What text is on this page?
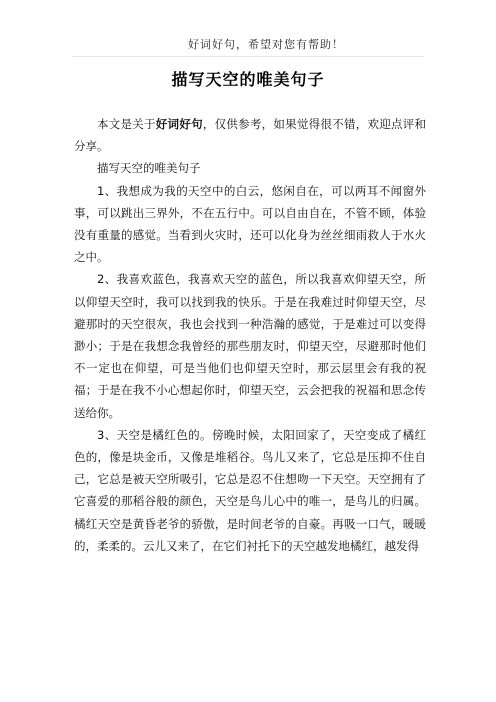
好词好句，希望对您有帮助！
描写天空的唯美句子

本文是关于好词好句，仅供参考，如果觉得很不错，欢迎点评和分享。

描写天空的唯美句子

1、我想成为我的天空中的白云，悠闲自在，可以两耳不闻窗外事，可以跳出三界外，不在五行中。可以自由自在，不管不顾，体验没有重量的感觉。当看到火灾时，还可以化身为丝丝细雨救人于水火之中。

2、我喜欢蓝色，我喜欢天空的蓝色，所以我喜欢仰望天空，所以仰望天空时，我可以找到我的快乐。于是在我难过时仰望天空，尽避那时的天空很灰，我也会找到一种浩瀚的感觉，于是难过可以变得渺小；于是在我想念我曾经的那些朋友时，仰望天空，尽避那时他们不一定也在仰望，可是当他们也仰望天空时，那云层里会有我的祝福；于是在我不小心想起你时，仰望天空，云会把我的祝福和思念传送给你。

3、天空是橘红色的。傍晚时候，太阳回家了，天空变成了橘红色的，像是块金币，又像是堆稻谷。鸟儿又来了，它总是压抑不住自己，它总是被天空所吸引，它总是忍不住想吻一下天空。天空拥有了它喜爱的那稻谷般的颜色，天空是鸟儿心中的唯一，是鸟儿的归属。橘红天空是黄昏老爷的骄傲，是时间老爷的自豪。再吸一口气，暖暖的，柔柔的。云儿又来了，在它们衬托下的天空越发地橘红，越发得
